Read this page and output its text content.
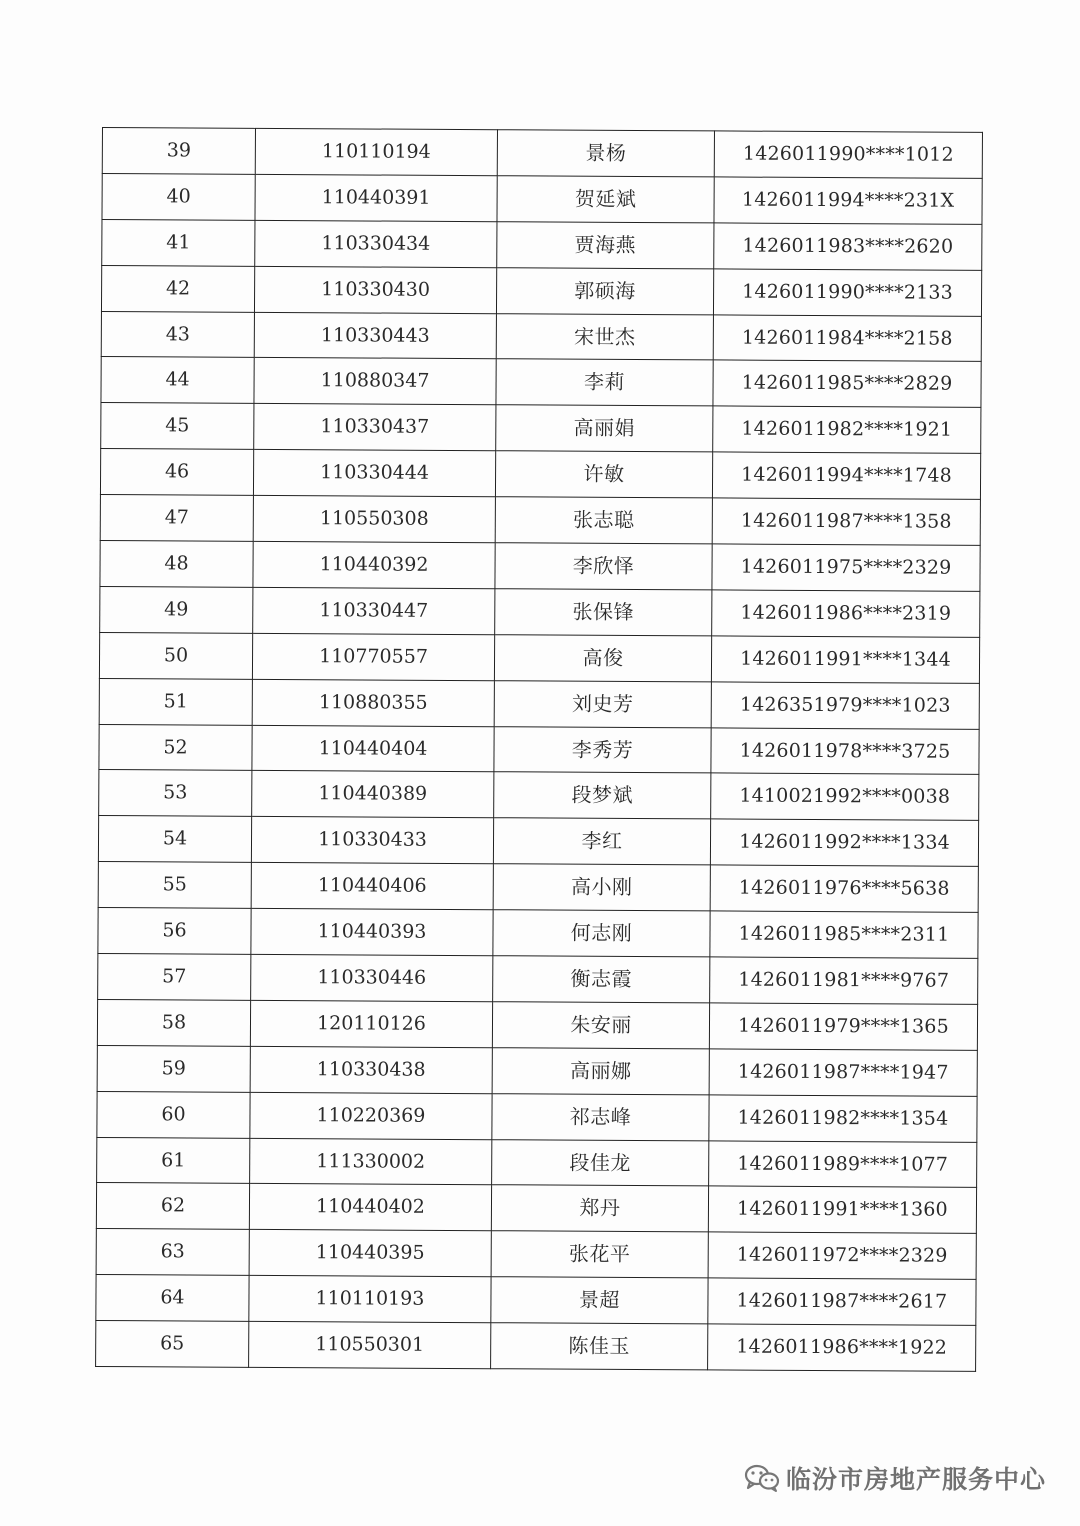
39	110110194	景杨	1426011990****1012
40	110440391	贺延斌	1426011994****231X
41	110330434	贾海燕	1426011983****2620
42	110330430	郭硕海	1426011990****2133
43	110330443	宋世杰	1426011984****2158
44	110880347	李莉	1426011985****2829
45	110330437	高丽娟	1426011982****1921
46	110330444	许敏	1426011994****1748
47	110550308	张志聪	1426011987****1358
48	110440392	李欣怿	1426011975****2329
49	110330447	张保锋	1426011986****2319
50	110770557	高俊	1426011991****1344
51	110880355	刘史芳	1426351979****1023
52	110440404	李秀芳	1426011978****3725
53	110440389	段梦斌	1410021992****0038
54	110330433	李红	1426011992****1334
55	110440406	高小刚	1426011976****5638
56	110440393	何志刚	1426011985****2311
57	110330446	衡志霞	1426011981****9767
58	120110126	朱安丽	1426011979****1365
59	110330438	高丽娜	1426011987****1947
60	110220369	祁志峰	1426011982****1354
61	111330002	段佳龙	1426011989****1077
62	110440402	郑丹	1426011991****1360
63	110440395	张花平	1426011972****2329
64	110110193	景超	1426011987****2617
65	110550301	陈佳玉	1426011986****1922
临汾市房地产服务中心
